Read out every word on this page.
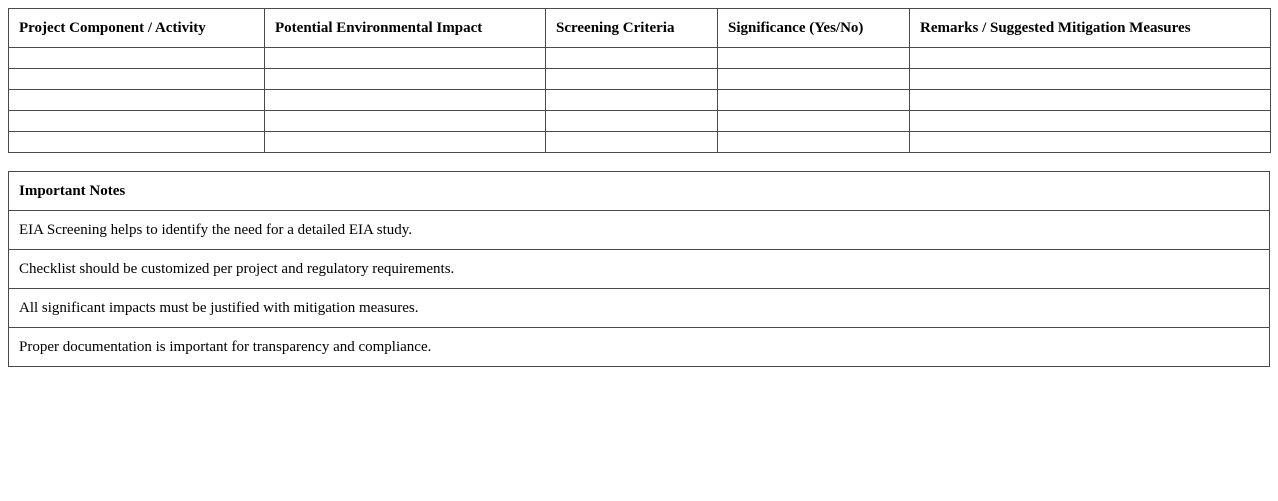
Project Component / Activity	Potential Environmental Impact	Screening Criteria	Significance (Yes/No)	Remarks / Suggested Mitigation Measures

Important Notes
EIA Screening helps to identify the need for a detailed EIA study.
Checklist should be customized per project and regulatory requirements.
All significant impacts must be justified with mitigation measures.
Proper documentation is important for transparency and compliance.
